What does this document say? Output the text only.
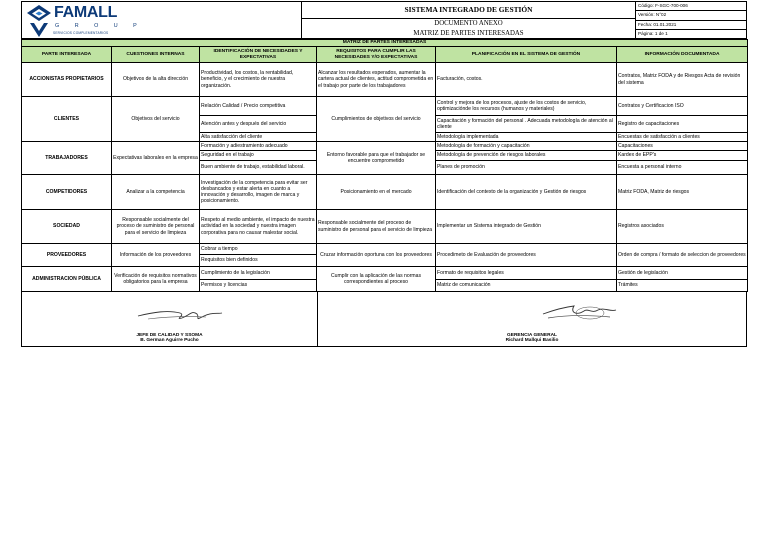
FAMALL
G R O U P
SERVICIOS COMPLEMENTARIOS
SISTEMA INTEGRADO DE GESTIÓN
DOCUMENTO ANEXO
MATRIZ DE PARTES INTERESADAS
Código: F-SGC-700-006
Versión: N°02
Fecha: 01.01.2021
Página: 1 de 1
MATRIZ DE PARTES INTERESADAS					
PARTE INTERESADA	CUESTIONES INTERNAS	IDENTIFICACIÓN DE NECESIDADES Y EXPECTATIVAS	REQUISITOS PARA CUMPLIR LAS NECESIDADES Y/O EXPECTATIVAS	PLANIFICACIÓN EN EL SISTEMA DE GESTIÓN	INFORMACIÓN DOCUMENTADA
ACCIONISTAS PROPIETARIOS	Objetivos de la alta dirección	Productividad, los costos, la rentabilidad, beneficio, y el crecimiento de nuestra organización.	Alcanzar los resultados esperados, aumentar la cartera actual de clientes, actitud comprometida en el trabajo por parte de los trabajadores	Facturación, costos.	Contratos, Matriz FODA y de Riesgos Acta de revisión del sistema
CLIENTES	Objetivos del servicio	Relación Calidad / Precio competitiva	Cumplimientos de objetivos del servicio	Control y mejora de los procesos, ajuste de los costos de servicio, optimizaciónde los recursos (humanos y materiales)	Contratos y Certificacion ISO
		Atención antes y después del servicio		Capacitación y formación del personal . Adecuada metodología de atención al cliente	Registro de capacitaciones
		Alta satisfacción del cliente		Metodología implementada	Encuestas de satisfacción a clientes
TRABAJADORES	Expectativas laborales en la empresa	Formación y adiestramiento adecuado	Entorno favorable para que el trabajador se encuentre comprometido	Metodología de formación y capacitación	Capacitaciones
		Seguridad en el trabajo		Metodología de prevención de riesgos laborales	Kardex de EPP's
		Buen ambiente de trabajo, estabilidad laboral.		Planes de promoción	Encuesta a personal interno
COMPETIDORES	Analizar a la competencia	Investigación de la competencia para evitar ser desbancados y estar alerta en cuanto a innovación y desarrollo, imagen de marca y posicionamiento.	Posicionamiento en el mercado	Identificación del contexto de la organización y Gestión de riesgos	Matriz FODA, Matriz de riesgos
SOCIEDAD	Responsable socialmente del proceso de suministro de personal para el servicio de limpieza	Respeto al medio ambiente, el impacto de nuestra actividad en la sociedad y nuestra imagen corporativa para no causar malestar social.	Responsable socialmente del proceso de suministro de personal para el servicio de limpieza	Implementar un Sistema integrado de Gestión	Registros asociados
PROVEEDORES	Información de los proveedores	Cobrar a tiempo	Cruzar información oportuna con los proveedores	Procedimeto de Evaluación de proveedores	Orden de compra / formato de seleccion de proveedores
		Requisitos bien definidos			
ADMINISTRACION PÚBLICA	Verificación de requisitos normativos obligatorios para la empresa	Cumplimiento de la legislación	Cumplir con la aplicación de las normas correspondientes al proceso	Formato de requisitos legales	Gestión de legislación
		Permisos y licencias		Matriz de comunicación	Trámites
JEFE DE CALIDAD Y SSOMA
B. German Aguirre Pucho
GERENCIA GENERAL
Richard Mallqui Basilio
